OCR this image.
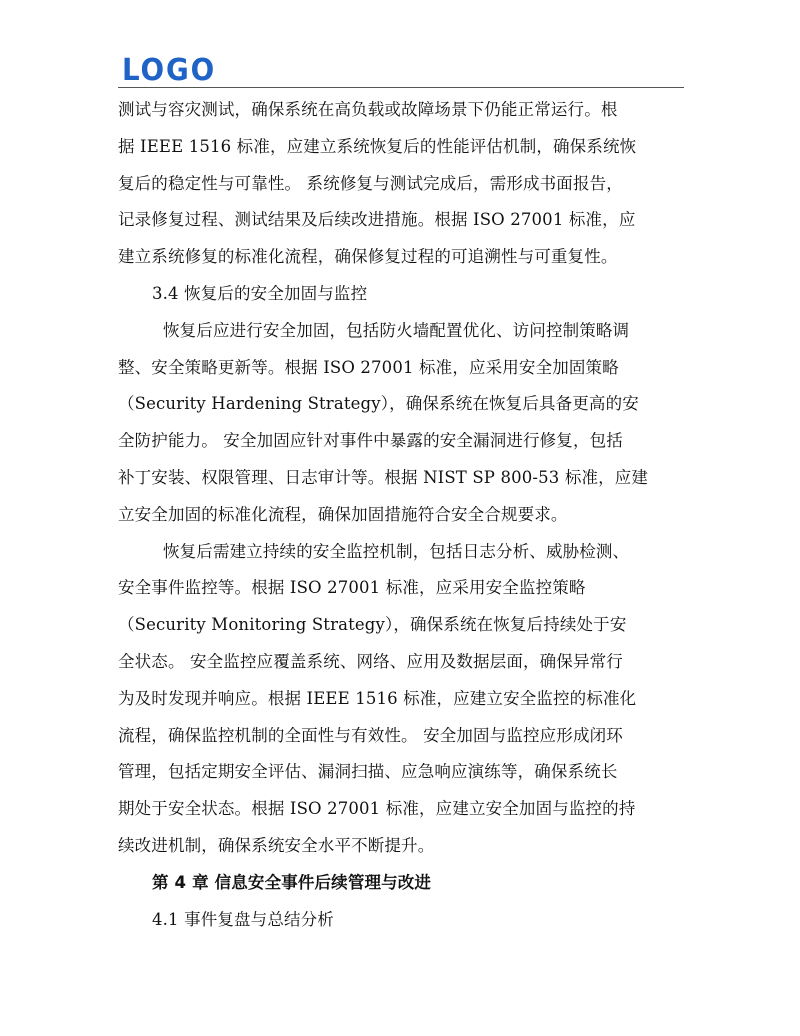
LOGO
测试与容灾测试，确保系统在高负载或故障场景下仍能正常运行。根
据 IEEE 1516 标准，应建立系统恢复后的性能评估机制，确保系统恢
复后的稳定性与可靠性。 系统修复与测试完成后，需形成书面报告，
记录修复过程、测试结果及后续改进措施。根据 ISO 27001 标准，应
建立系统修复的标准化流程，确保修复过程的可追溯性与可重复性。
3.4 恢复后的安全加固与监控
恢复后应进行安全加固，包括防火墙配置优化、访问控制策略调
整、安全策略更新等。根据 ISO 27001 标准，应采用安全加固策略
（Security Hardening Strategy），确保系统在恢复后具备更高的安
全防护能力。 安全加固应针对事件中暴露的安全漏洞进行修复，包括
补丁安装、权限管理、日志审计等。根据 NIST SP 800-53 标准，应建
立安全加固的标准化流程，确保加固措施符合安全合规要求。
恢复后需建立持续的安全监控机制，包括日志分析、威胁检测、
安全事件监控等。根据 ISO 27001 标准，应采用安全监控策略
（Security Monitoring Strategy），确保系统在恢复后持续处于安
全状态。 安全监控应覆盖系统、网络、应用及数据层面，确保异常行
为及时发现并响应。根据 IEEE 1516 标准，应建立安全监控的标准化
流程，确保监控机制的全面性与有效性。 安全加固与监控应形成闭环
管理，包括定期安全评估、漏洞扫描、应急响应演练等，确保系统长
期处于安全状态。根据 ISO 27001 标准，应建立安全加固与监控的持
续改进机制，确保系统安全水平不断提升。
第 4 章 信息安全事件后续管理与改进
4.1 事件复盘与总结分析
